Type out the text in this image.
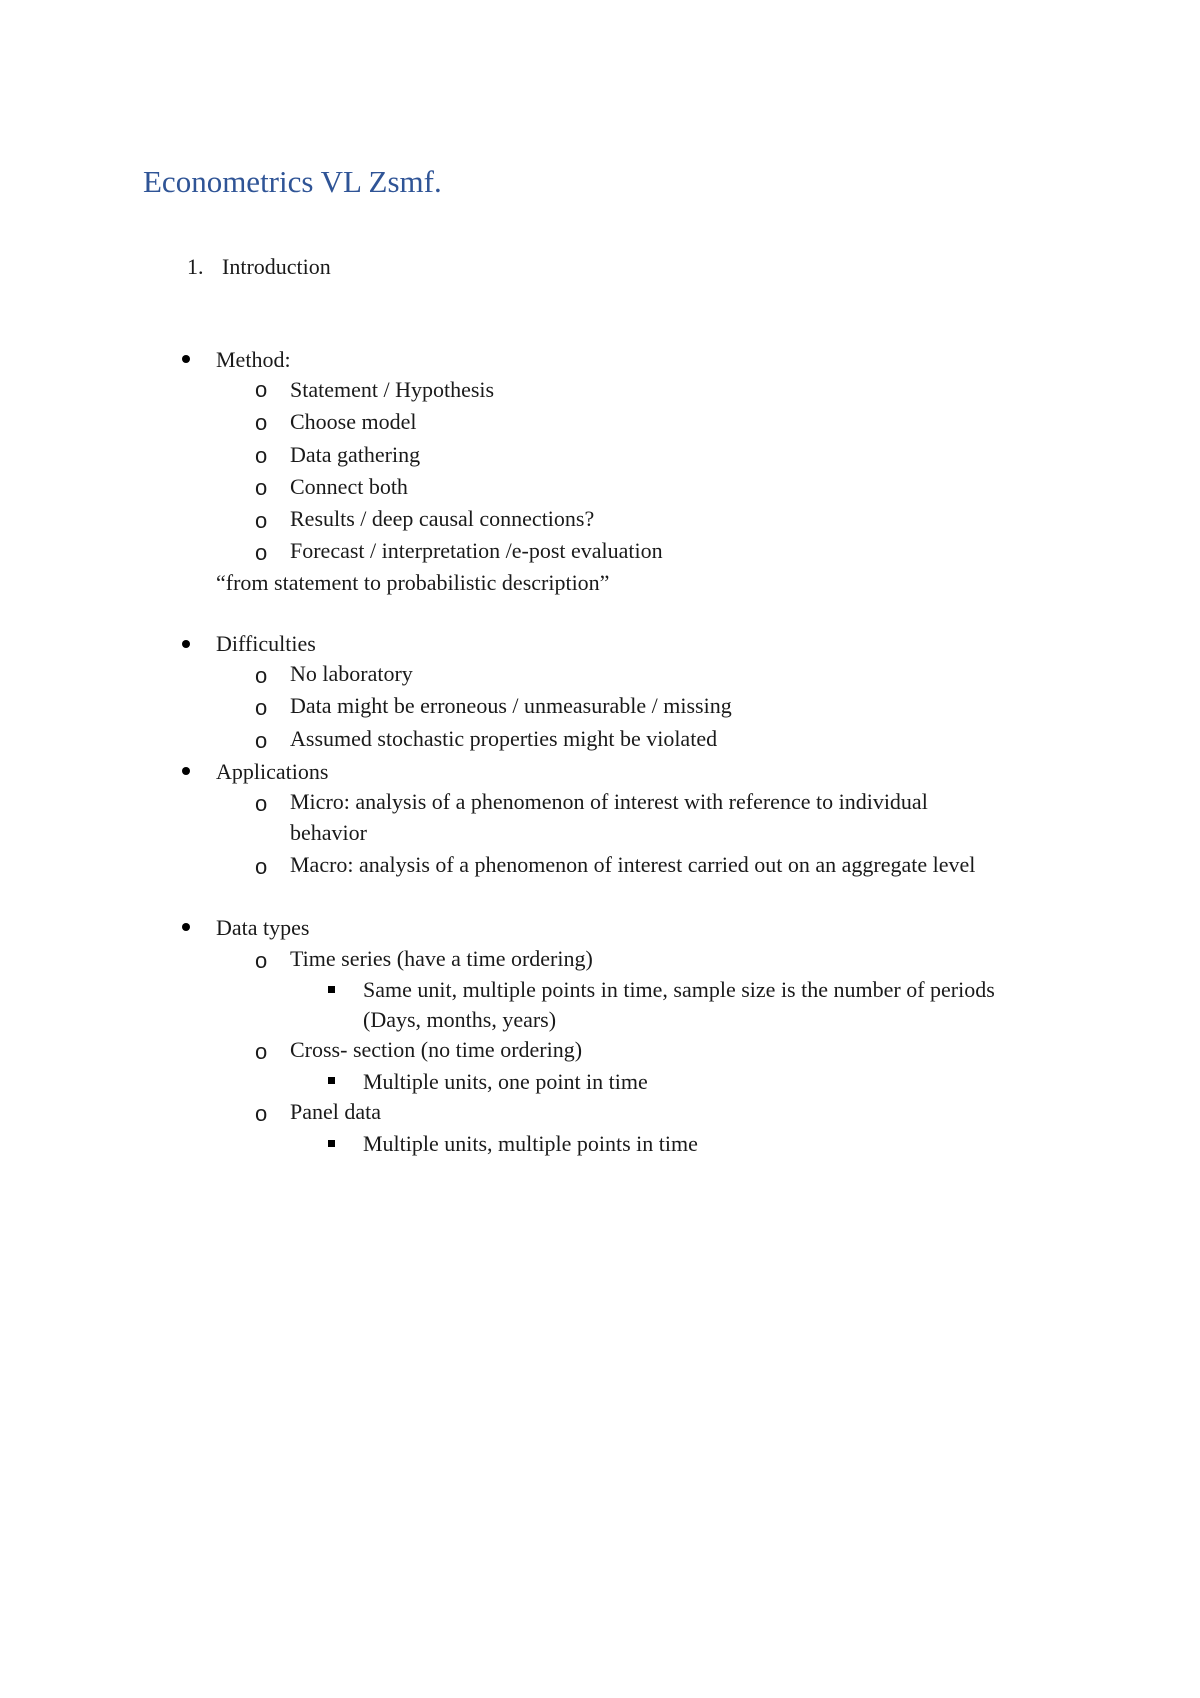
Econometrics VL Zsmf.
1. Introduction
Method:
o Statement / Hypothesis
o Choose model
o Data gathering
o Connect both
o Results / deep causal connections?
o Forecast / interpretation /e-post evaluation
“from statement to probabilistic description”
Difficulties
o No laboratory
o Data might be erroneous / unmeasurable / missing
o Assumed stochastic properties might be violated
Applications
o Micro: analysis of a phenomenon of interest with reference to individual
behavior
o Macro: analysis of a phenomenon of interest carried out on an aggregate level
Data types
o Time series (have a time ordering)
Same unit, multiple points in time, sample size is the number of periods
(Days, months, years)
o Cross- section (no time ordering)
Multiple units, one point in time
o Panel data
Multiple units, multiple points in time
